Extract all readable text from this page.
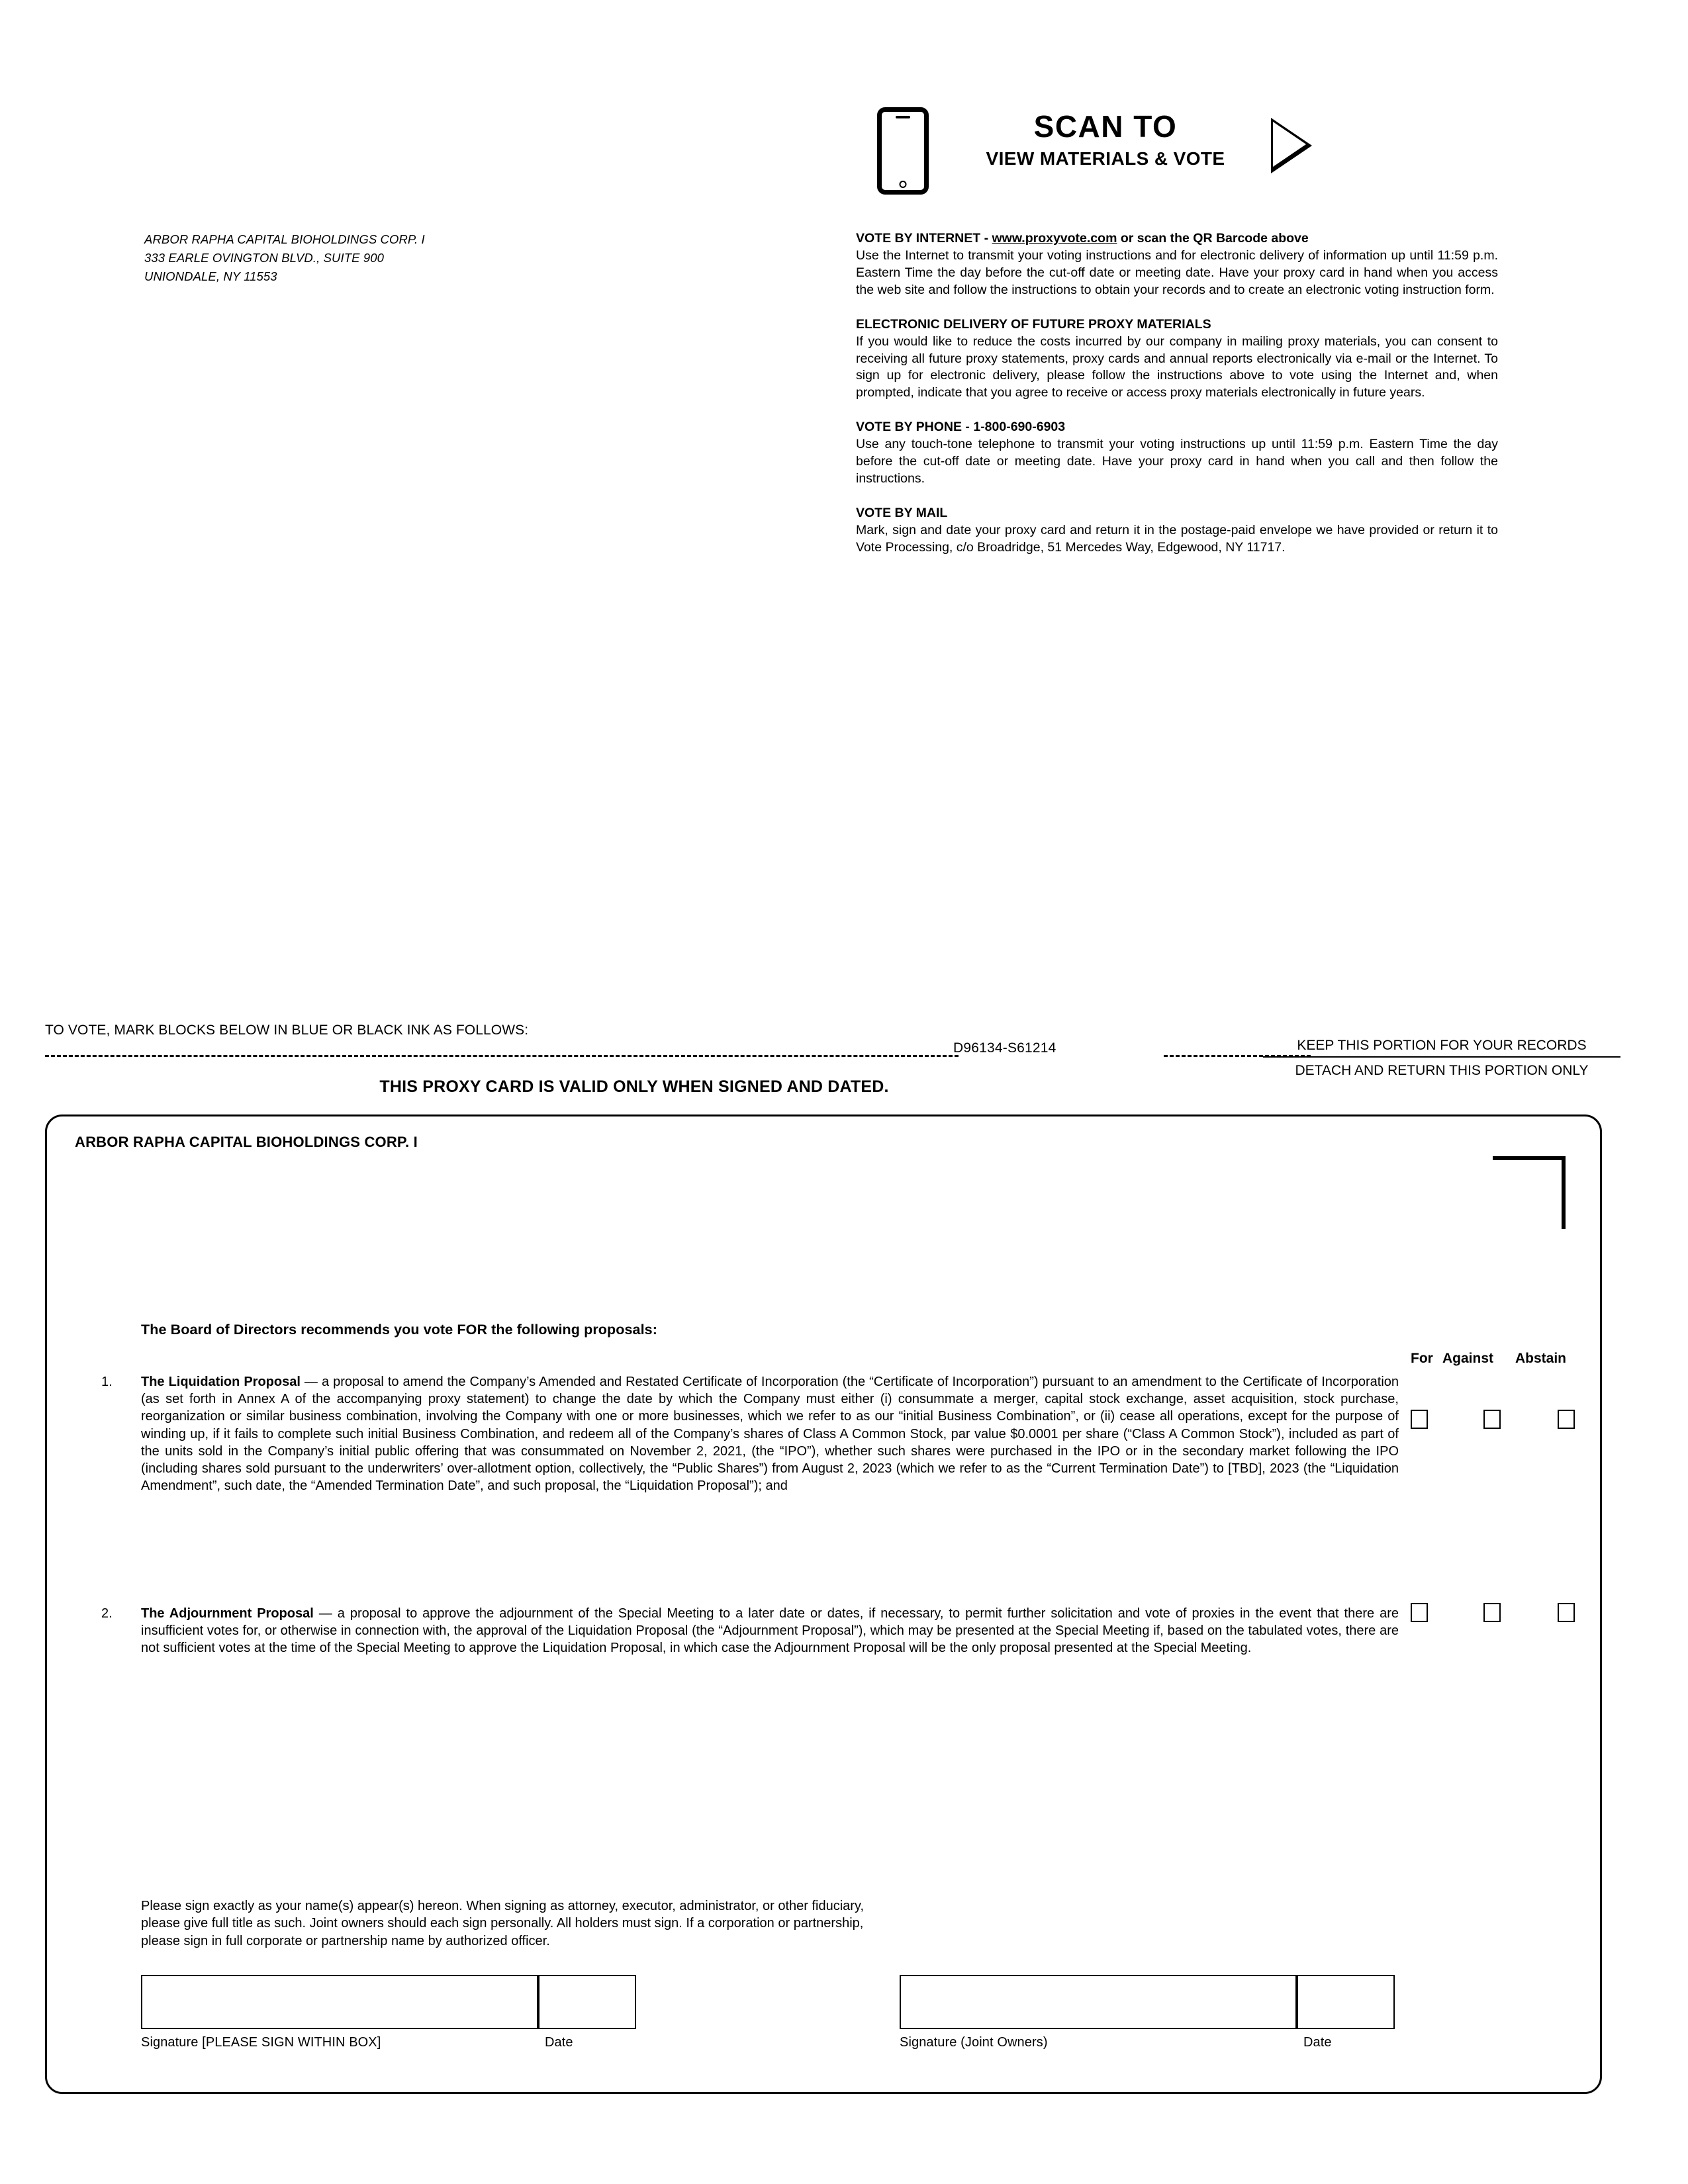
SCAN TO
VIEW MATERIALS & VOTE
ARBOR RAPHA CAPITAL BIOHOLDINGS CORP. I
333 EARLE OVINGTON BLVD., SUITE 900
UNIONDALE, NY 11553
VOTE BY INTERNET - www.proxyvote.com or scan the QR Barcode above

Use the Internet to transmit your voting instructions and for electronic delivery of information up until 11:59 p.m. Eastern Time the day before the cut-off date or meeting date. Have your proxy card in hand when you access the web site and follow the instructions to obtain your records and to create an electronic voting instruction form.

ELECTRONIC DELIVERY OF FUTURE PROXY MATERIALS

If you would like to reduce the costs incurred by our company in mailing proxy materials, you can consent to receiving all future proxy statements, proxy cards and annual reports electronically via e-mail or the Internet. To sign up for electronic delivery, please follow the instructions above to vote using the Internet and, when prompted, indicate that you agree to receive or access proxy materials electronically in future years.

VOTE BY PHONE - 1-800-690-6903

Use any touch-tone telephone to transmit your voting instructions up until 11:59 p.m. Eastern Time the day before the cut-off date or meeting date. Have your proxy card in hand when you call and then follow the instructions.

VOTE BY MAIL

Mark, sign and date your proxy card and return it in the postage-paid envelope we have provided or return it to Vote Processing, c/o Broadridge, 51 Mercedes Way, Edgewood, NY 11717.

TO VOTE, MARK BLOCKS BELOW IN BLUE OR BLACK INK AS FOLLOWS:
D96134-S61214	KEEP THIS PORTION FOR YOUR RECORDS
DETACH AND RETURN THIS PORTION ONLY
THIS PROXY CARD IS VALID ONLY WHEN SIGNED AND DATED.
ARBOR RAPHA CAPITAL BIOHOLDINGS CORP. I
The Board of Directors recommends you vote FOR the following proposals:
For Against Abstain
1. The Liquidation Proposal — a proposal to amend the Company’s Amended and Restated Certificate of Incorporation (the “Certificate of Incorporation”) pursuant to an amendment to the Certificate of Incorporation (as set forth in Annex A of the accompanying proxy statement) to change the date by which the Company must either (i) consummate a merger, capital stock exchange, asset acquisition, stock purchase, reorganization or similar business combination, involving the Company with one or more businesses, which we refer to as our “initial Business Combination”, or (ii) cease all operations, except for the purpose of winding up, if it fails to complete such initial Business Combination, and redeem all of the Company’s shares of Class A Common Stock, par value $0.0001 per share (“Class A Common Stock”), included as part of the units sold in the Company’s initial public offering that was consummated on November 2, 2021, (the “IPO”), whether such shares were purchased in the IPO or in the secondary market following the IPO (including shares sold pursuant to the underwriters’ over-allotment option, collectively, the “Public Shares”) from August 2, 2023 (which we refer to as the “Current Termination Date”) to [TBD], 2023 (the “Liquidation Amendment”, such date, the “Amended Termination Date”, and such proposal, the “Liquidation Proposal”); and
2. The Adjournment Proposal — a proposal to approve the adjournment of the Special Meeting to a later date or dates, if necessary, to permit further solicitation and vote of proxies in the event that there are insufficient votes for, or otherwise in connection with, the approval of the Liquidation Proposal (the “Adjournment Proposal”), which may be presented at the Special Meeting if, based on the tabulated votes, there are not sufficient votes at the time of the Special Meeting to approve the Liquidation Proposal, in which case the Adjournment Proposal will be the only proposal presented at the Special Meeting.
Please sign exactly as your name(s) appear(s) hereon. When signing as attorney, executor, administrator, or other fiduciary, please give full title as such. Joint owners should each sign personally. All holders must sign. If a corporation or partnership, please sign in full corporate or partnership name by authorized officer.
Signature [PLEASE SIGN WITHIN BOX]	Date	Signature (Joint Owners)	Date
